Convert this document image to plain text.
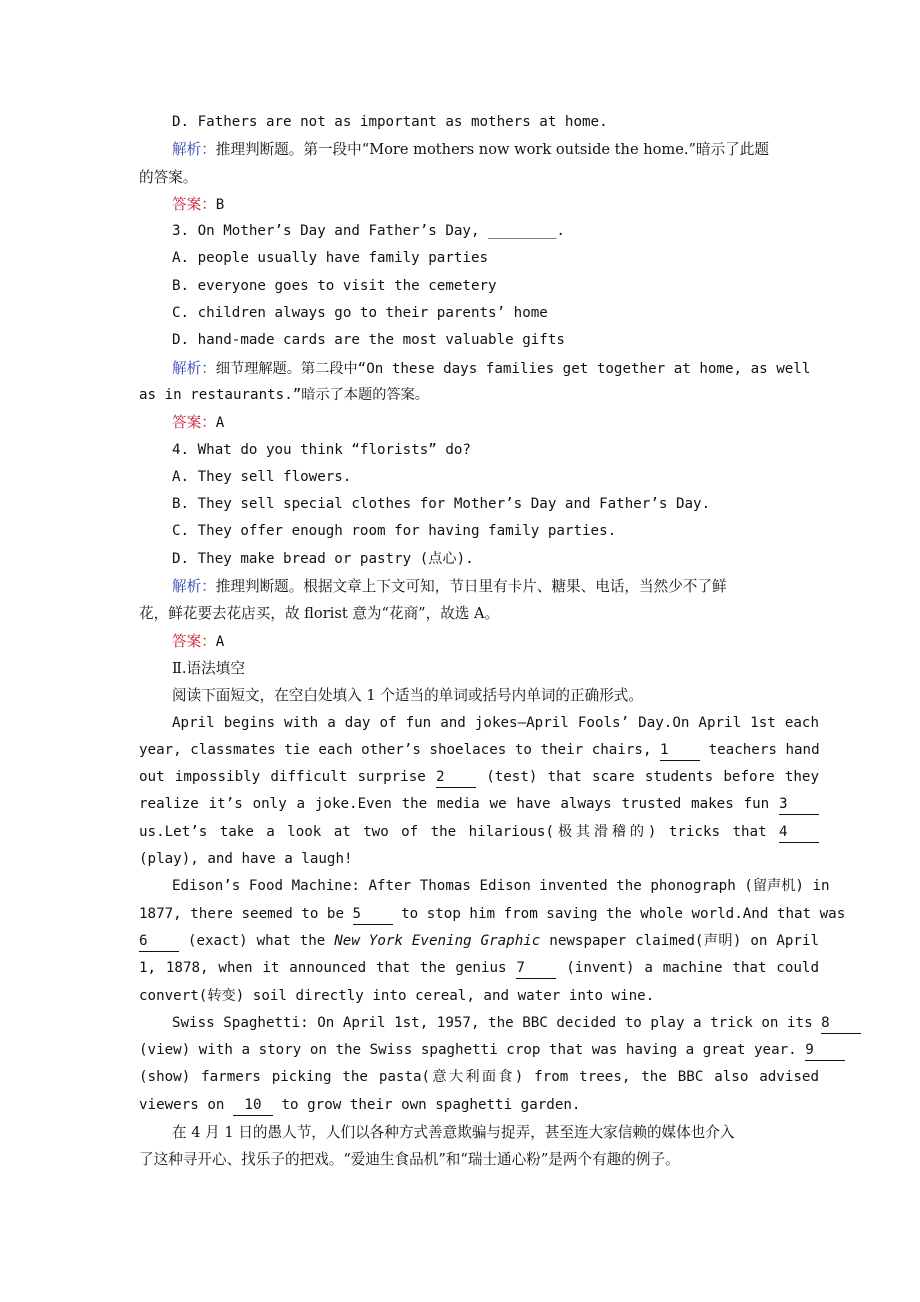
D. Fathers are not as important as mothers at home.
解析：推理判断题。第一段中“More mothers now work outside the home.”暗示了此题
的答案。
答案：B
3. On Mother’s Day and Father’s Day, ________.
A. people usually have family parties
B. everyone goes to visit the cemetery
C. children always go to their parents’ home
D. hand-made cards are the most valuable gifts
解析：细节理解题。第二段中“On these days families get together at home, as well
as in restaurants.”暗示了本题的答案。
答案：A
4. What do you think “florists” do?
A. They sell flowers.
B. They sell special clothes for Mother’s Day and Father’s Day.
C. They offer enough room for having family parties.
D. They make bread or pastry (点心).
解析：推理判断题。根据文章上下文可知，节日里有卡片、糖果、电话，当然少不了鲜
花，鲜花要去花店买，故 florist 意为“花商”，故选 A。
答案：A
Ⅱ.语法填空
阅读下面短文，在空白处填入 1 个适当的单词或括号内单词的正确形式。
April begins with a day of fun and jokes—April Fools’ Day.On April 1st each
year, classmates tie each other’s shoelaces to their chairs, 1	teachers hand
out impossibly difficult surprise 2	(test) that scare students before they
realize it’s only a joke.Even the media we have always trusted makes fun 3
us.Let’s take a look at two of the hilarious(极其滑稽的) tricks that 4
(play), and have a laugh!
Edison’s Food Machine: After Thomas Edison invented the phonograph (留声机) in
1877, there seemed to be 5	to stop him from saving the whole world.And that was
6	(exact) what the New York Evening Graphic newspaper claimed(声明) on April
1, 1878, when it announced that the genius 7	(invent) a machine that could
convert(转变) soil directly into cereal, and water into wine.
Swiss Spaghetti: On April 1st, 1957, the BBC decided to play a trick on its 8
(view) with a story on the Swiss spaghetti crop that was having a great year. 9
(show) farmers picking the pasta(意大利面食) from trees, the BBC also advised
viewers on 10 to grow their own spaghetti garden.
在 4 月 1 日的愚人节，人们以各种方式善意欺骗与捉弄，甚至连大家信赖的媒体也介入
了这种寻开心、找乐子的把戏。“爱迪生食品机”和“瑞士通心粉”是两个有趣的例子。
